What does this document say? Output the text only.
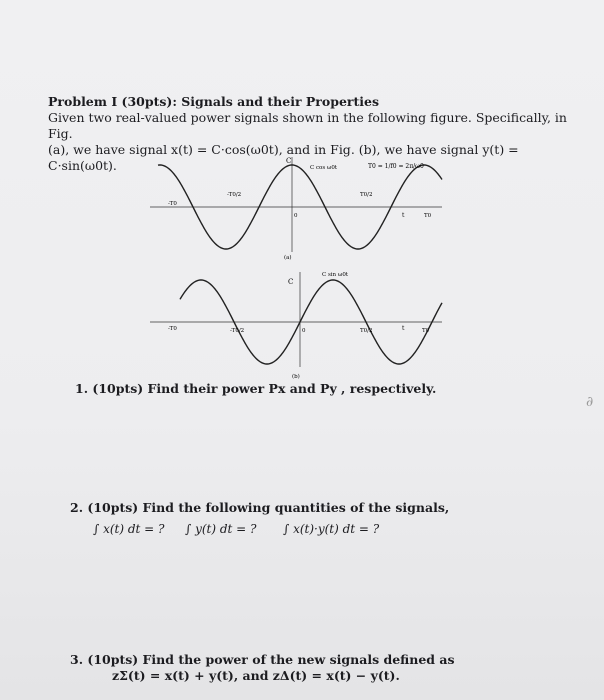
Problem I (30pts): Signals and their Properties
Given two real-valued power signals shown in the following figure. Specifically, in Fig.
(a), we have signal x(t) = C·cos(ω0t), and in Fig. (b), we have signal y(t) = C·sin(ω0t).	C
C cos ω0t	T0 = 1/f0 = 2π/ω0
-T0
-T0/2
0
T0/2
T0
t
(a)
C
C sin ω0t
-T0	-T0/2	0	T0/2	T0
t
(b)
1. (10pts) Find their power Px and Py , respectively.
2. (10pts) Find the following quantities of the signals,
∫ x(t) dt = ? ∫ y(t) dt = ? ∫ x(t)·y(t) dt = ?
3. (10pts) Find the power of the new signals defined as
zΣ(t) = x(t) + y(t), and zΔ(t) = x(t) − y(t).
∂
